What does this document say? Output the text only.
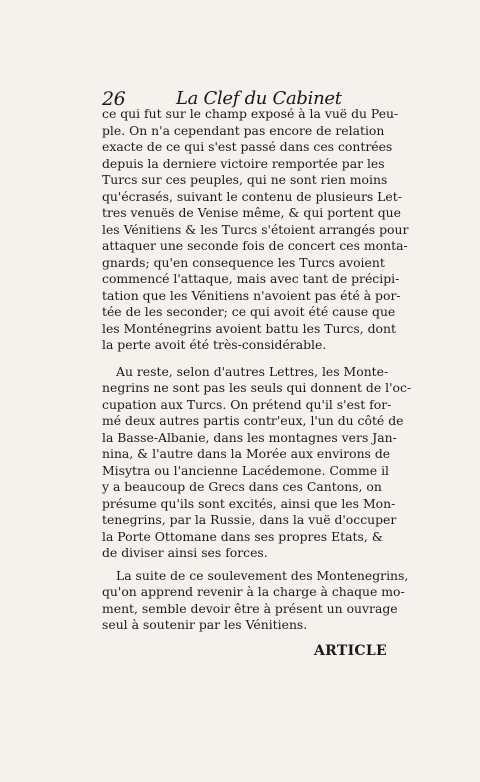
26	La Clef du Cabinet
ce qui fut sur le champ exposé à la vuë du Peu-
ple. On n'a cependant pas encore de relation
exacte de ce qui s'est passé dans ces contrées
depuis la derniere victoire remportée par les
Turcs sur ces peuples, qui ne sont rien moins
qu'écrasés, suivant le contenu de plusieurs Let-
tres venuës de Venise même, & qui portent que
les Vénitiens & les Turcs s'étoient arrangés pour
attaquer une seconde fois de concert ces monta-
gnards; qu'en consequence les Turcs avoient
commencé l'attaque, mais avec tant de précipi-
tation que les Vénitiens n'avoient pas été à por-
tée de les seconder; ce qui avoit été cause que
les Monténegrins avoient battu les Turcs, dont
la perte avoit été très-considérable.
Au reste, selon d'autres Lettres, les Monte-
negrins ne sont pas les seuls qui donnent de l'oc-
cupation aux Turcs. On prétend qu'il s'est for-
mé deux autres partis contr'eux, l'un du côté de
la Basse-Albanie, dans les montagnes vers Jan-
nina, & l'autre dans la Morée aux environs de
Misytra ou l'ancienne Lacédemone. Comme il
y a beaucoup de Grecs dans ces Cantons, on
présume qu'ils sont excités, ainsi que les Mon-
tenegrins, par la Russie, dans la vuë d'occuper
la Porte Ottomane dans ses propres Etats, &
de diviser ainsi ses forces.
La suite de ce soulevement des Montenegrins,
qu'on apprend revenir à la charge à chaque mo-
ment, semble devoir être à présent un ouvrage
seul à soutenir par les Vénitiens.
ARTICLE
